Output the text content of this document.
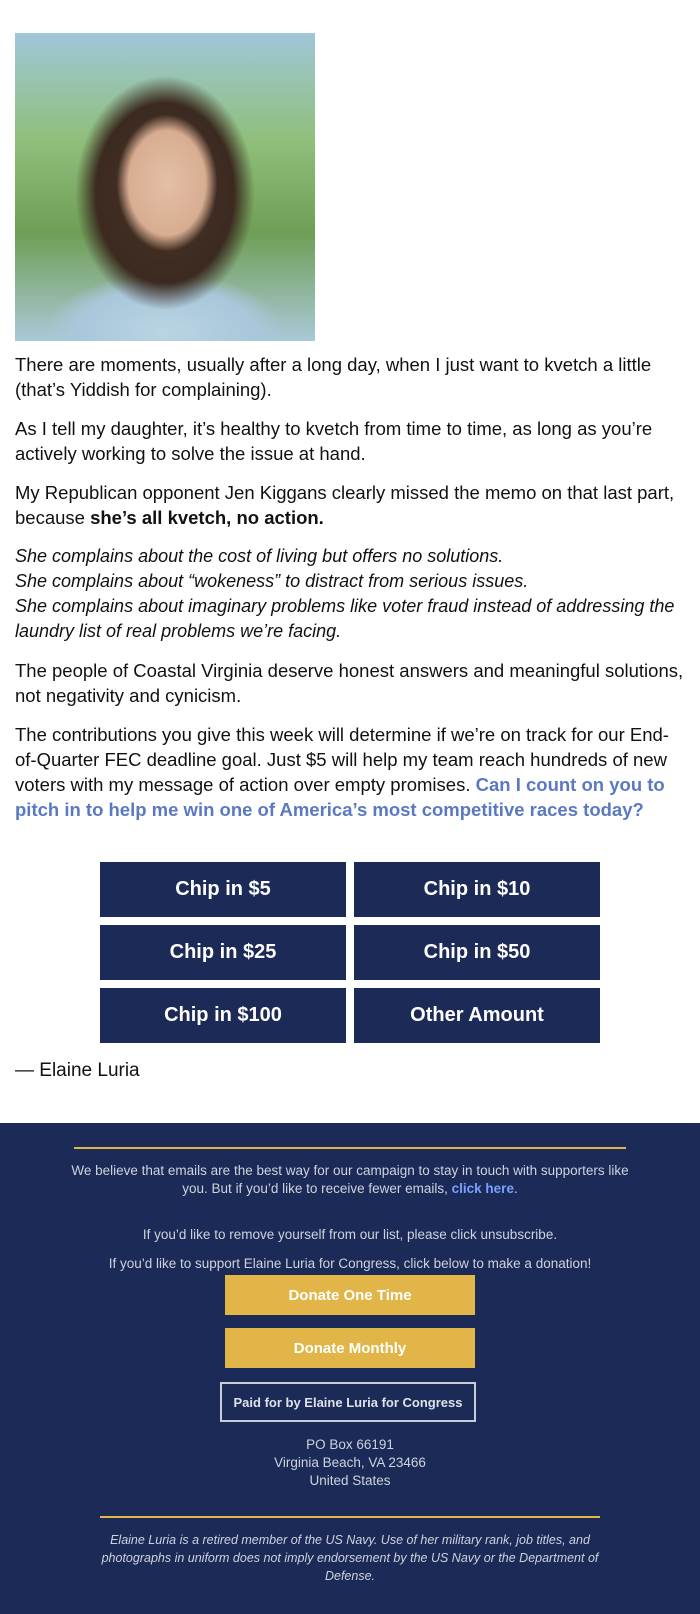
There are moments, usually after a long day, when I just want to kvetch a little (that’s Yiddish for complaining).

As I tell my daughter, it’s healthy to kvetch from time to time, as long as you’re actively working to solve the issue at hand.

My Republican opponent Jen Kiggans clearly missed the memo on that last part, because she’s all kvetch, no action.

She complains about the cost of living but offers no solutions.
She complains about “wokeness” to distract from serious issues.
She complains about imaginary problems like voter fraud instead of addressing the laundry list of real problems we’re facing.

The people of Coastal Virginia deserve honest answers and meaningful solutions, not negativity and cynicism.

The contributions you give this week will determine if we’re on track for our End-of-Quarter FEC deadline goal. Just $5 will help my team reach hundreds of new voters with my message of action over empty promises. Can I count on you to pitch in to help me win one of America’s most competitive races today?

Chip in $5	Chip in $10
Chip in $25	Chip in $50
Chip in $100	Other Amount
— Elaine Luria

We believe that emails are the best way for our campaign to stay in touch with supporters like you. But if you’d like to receive fewer emails, click here.

If you’d like to remove yourself from our list, please click unsubscribe.

If you’d like to support Elaine Luria for Congress, click below to make a donation!

Donate One Time
Donate Monthly
Paid for by Elaine Luria for Congress
PO Box 66191
Virginia Beach, VA 23466
United States
Elaine Luria is a retired member of the US Navy. Use of her military rank, job titles, and photographs in uniform does not imply endorsement by the US Navy or the Department of Defense.
